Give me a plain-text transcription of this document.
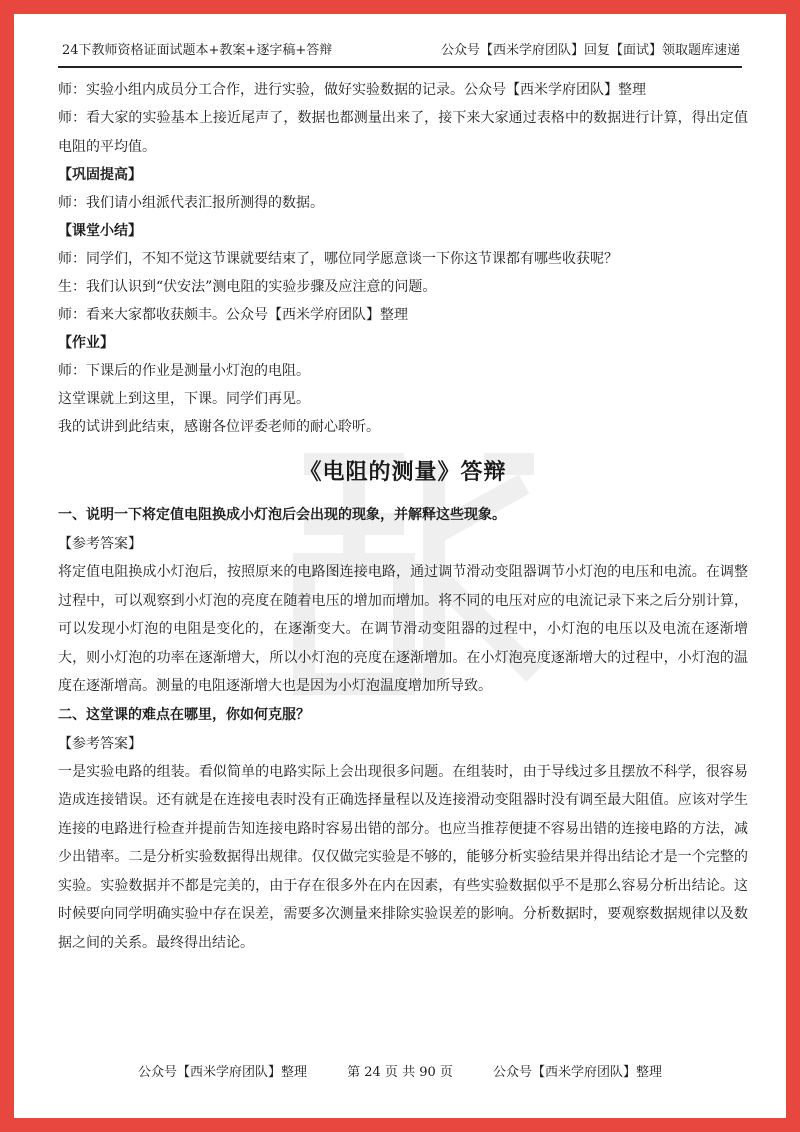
24下教师资格证面试题本+教案+逐字稿+答辩	公众号【西米学府团队】回复【面试】领取题库速递
师：实验小组内成员分工合作，进行实验，做好实验数据的记录。公众号【西米学府团队】整理

师：看大家的实验基本上接近尾声了，数据也都测量出来了，接下来大家通过表格中的数据进行计算，得出定值电阻的平均值。

【巩固提高】
师：我们请小组派代表汇报所测得的数据。
【课堂小结】
师：同学们，不知不觉这节课就要结束了，哪位同学愿意谈一下你这节课都有哪些收获呢？
生：我们认识到“伏安法”测电阻的实验步骤及应注意的问题。
师：看来大家都收获颇丰。公众号【西米学府团队】整理
【作业】
师：下课后的作业是测量小灯泡的电阻。
这堂课就上到这里，下课。同学们再见。
我的试讲到此结束，感谢各位评委老师的耐心聆听。
《电阻的测量》答辩
一、说明一下将定值电阻换成小灯泡后会出现的现象，并解释这些现象。
【参考答案】

将定值电阻换成小灯泡后，按照原来的电路图连接电路，通过调节滑动变阻器调节小灯泡的电压和电流。在调整过程中，可以观察到小灯泡的亮度在随着电压的增加而增加。将不同的电压对应的电流记录下来之后分别计算，可以发现小灯泡的电阻是变化的，在逐渐变大。在调节滑动变阻器的过程中，小灯泡的电压以及电流在逐渐增大，则小灯泡的功率在逐渐增大，所以小灯泡的亮度在逐渐增加。在小灯泡亮度逐渐增大的过程中，小灯泡的温度在逐渐增高。测量的电阻逐渐增大也是因为小灯泡温度增加所导致。

二、这堂课的难点在哪里，你如何克服？
【参考答案】

一是实验电路的组装。看似简单的电路实际上会出现很多问题。在组装时，由于导线过多且摆放不科学，很容易造成连接错误。还有就是在连接电表时没有正确选择量程以及连接滑动变阻器时没有调至最大阻值。应该对学生连接的电路进行检查并提前告知连接电路时容易出错的部分。也应当推荐便捷不容易出错的连接电路的方法，减少出错率。二是分析实验数据得出规律。仅仅做完实验是不够的，能够分析实验结果并得出结论才是一个完整的实验。实验数据并不都是完美的，由于存在很多外在内在因素，有些实验数据似乎不是那么容易分析出结论。这时候要向同学明确实验中存在误差，需要多次测量来排除实验误差的影响。分析数据时，要观察数据规律以及数据之间的关系。最终得出结论。

公众号【西米学府团队】整理	第 24 页 共 90 页	公众号【西米学府团队】整理
